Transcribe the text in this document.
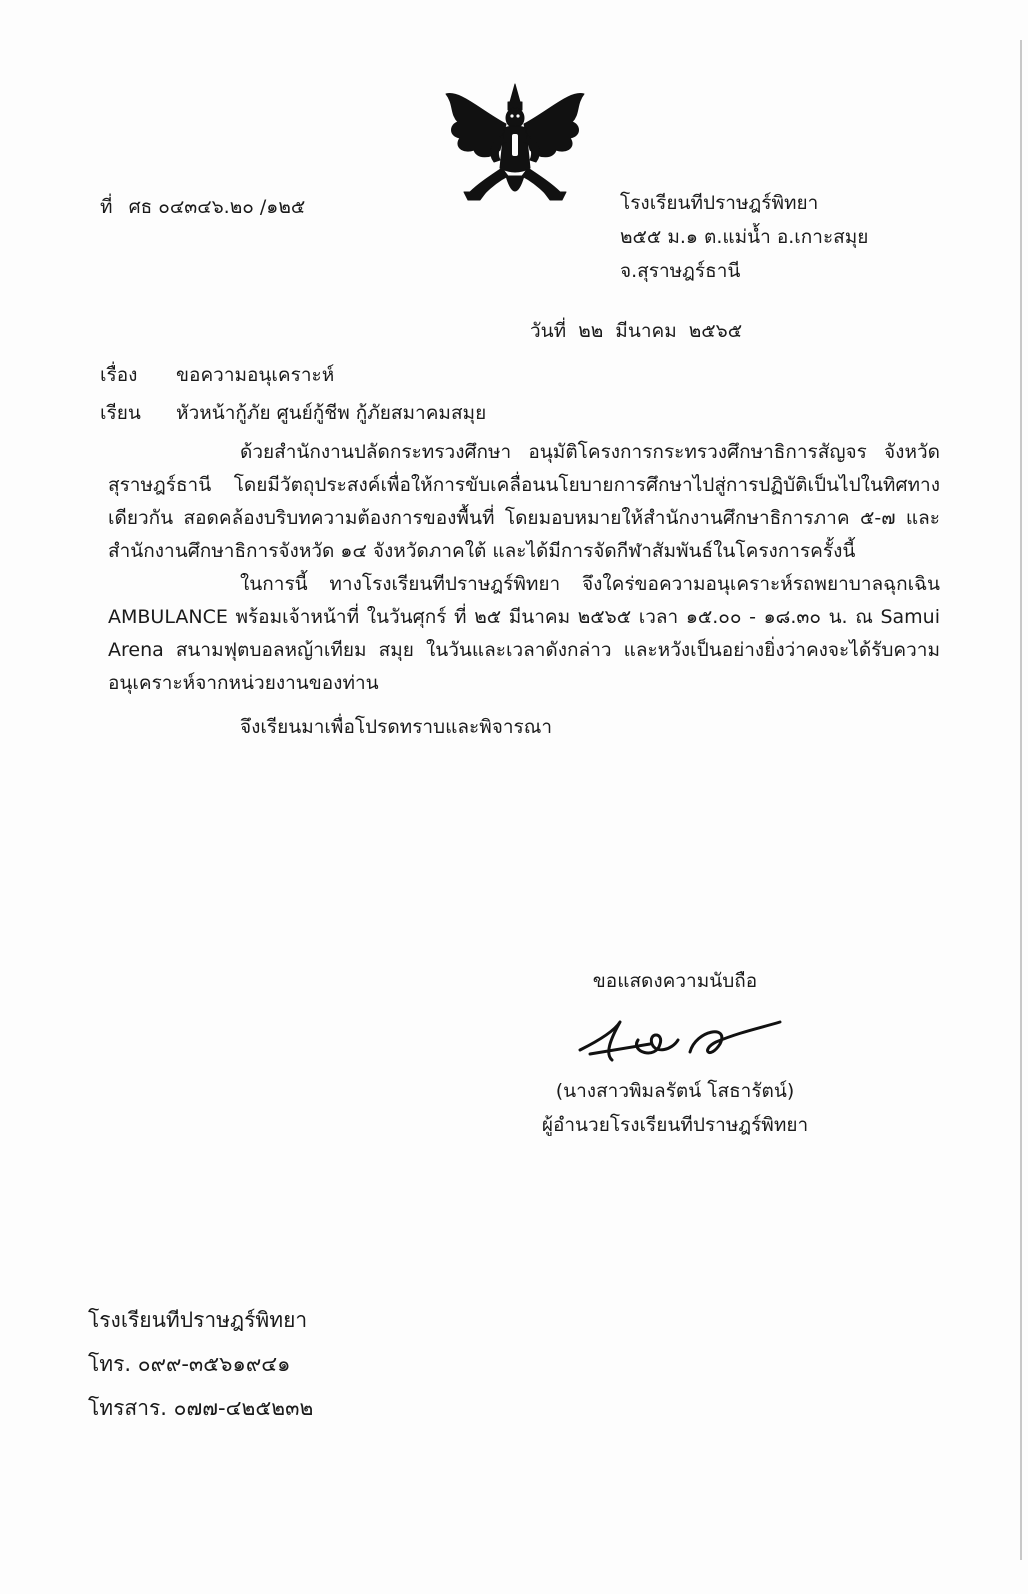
ที่ ศธ ๐๔๓๔๖.๒๐ /๑๒๕	โรงเรียนทีปราษฎร์พิทยา
๒๕๕ ม.๑ ต.แม่น้ำ อ.เกาะสมุย
จ.สุราษฎร์ธานี
วันที่ ๒๒ มีนาคม ๒๕๖๕
เรื่อง ขอความอนุเคราะห์
เรียน หัวหน้ากู้ภัย ศูนย์กู้ชีพ กู้ภัยสมาคมสมุย

ด้วยสำนักงานปลัดกระทรวงศึกษา อนุมัติโครงการกระทรวงศึกษาธิการสัญจร จังหวัด สุราษฎร์ธานี โดยมีวัตถุประสงค์เพื่อให้การขับเคลื่อนนโยบายการศึกษาไปสู่การปฏิบัติเป็นไปในทิศทาง เดียวกัน สอดคล้องบริบทความต้องการของพื้นที่ โดยมอบหมายให้สำนักงานศึกษาธิการภาค ๕-๗ และ สำนักงานศึกษาธิการจังหวัด ๑๔ จังหวัดภาคใต้ และได้มีการจัดกีฬาสัมพันธ์ในโครงการครั้งนี้

ในการนี้ ทางโรงเรียนทีปราษฎร์พิทยา จึงใคร่ขอความอนุเคราะห์รถพยาบาลฉุกเฉิน AMBULANCE พร้อมเจ้าหน้าที่ ในวันศุกร์ ที่ ๒๕ มีนาคม ๒๕๖๕ เวลา ๑๕.๐๐ - ๑๘.๓๐ น. ณ Samui Arena สนามฟุตบอลหญ้าเทียม สมุย ในวันและเวลาดังกล่าว และหวังเป็นอย่างยิ่งว่าคงจะได้รับความ อนุเคราะห์จากหน่วยงานของท่าน

จึงเรียนมาเพื่อโปรดทราบและพิจารณา
ขอแสดงความนับถือ
(นางสาวพิมลรัตน์ โสธารัตน์)
ผู้อำนวยโรงเรียนทีปราษฎร์พิทยา
โรงเรียนทีปราษฎร์พิทยา
โทร. ๐๙๙-๓๕๖๑๙๔๑
โทรสาร. ๐๗๗-๔๒๕๒๓๒
